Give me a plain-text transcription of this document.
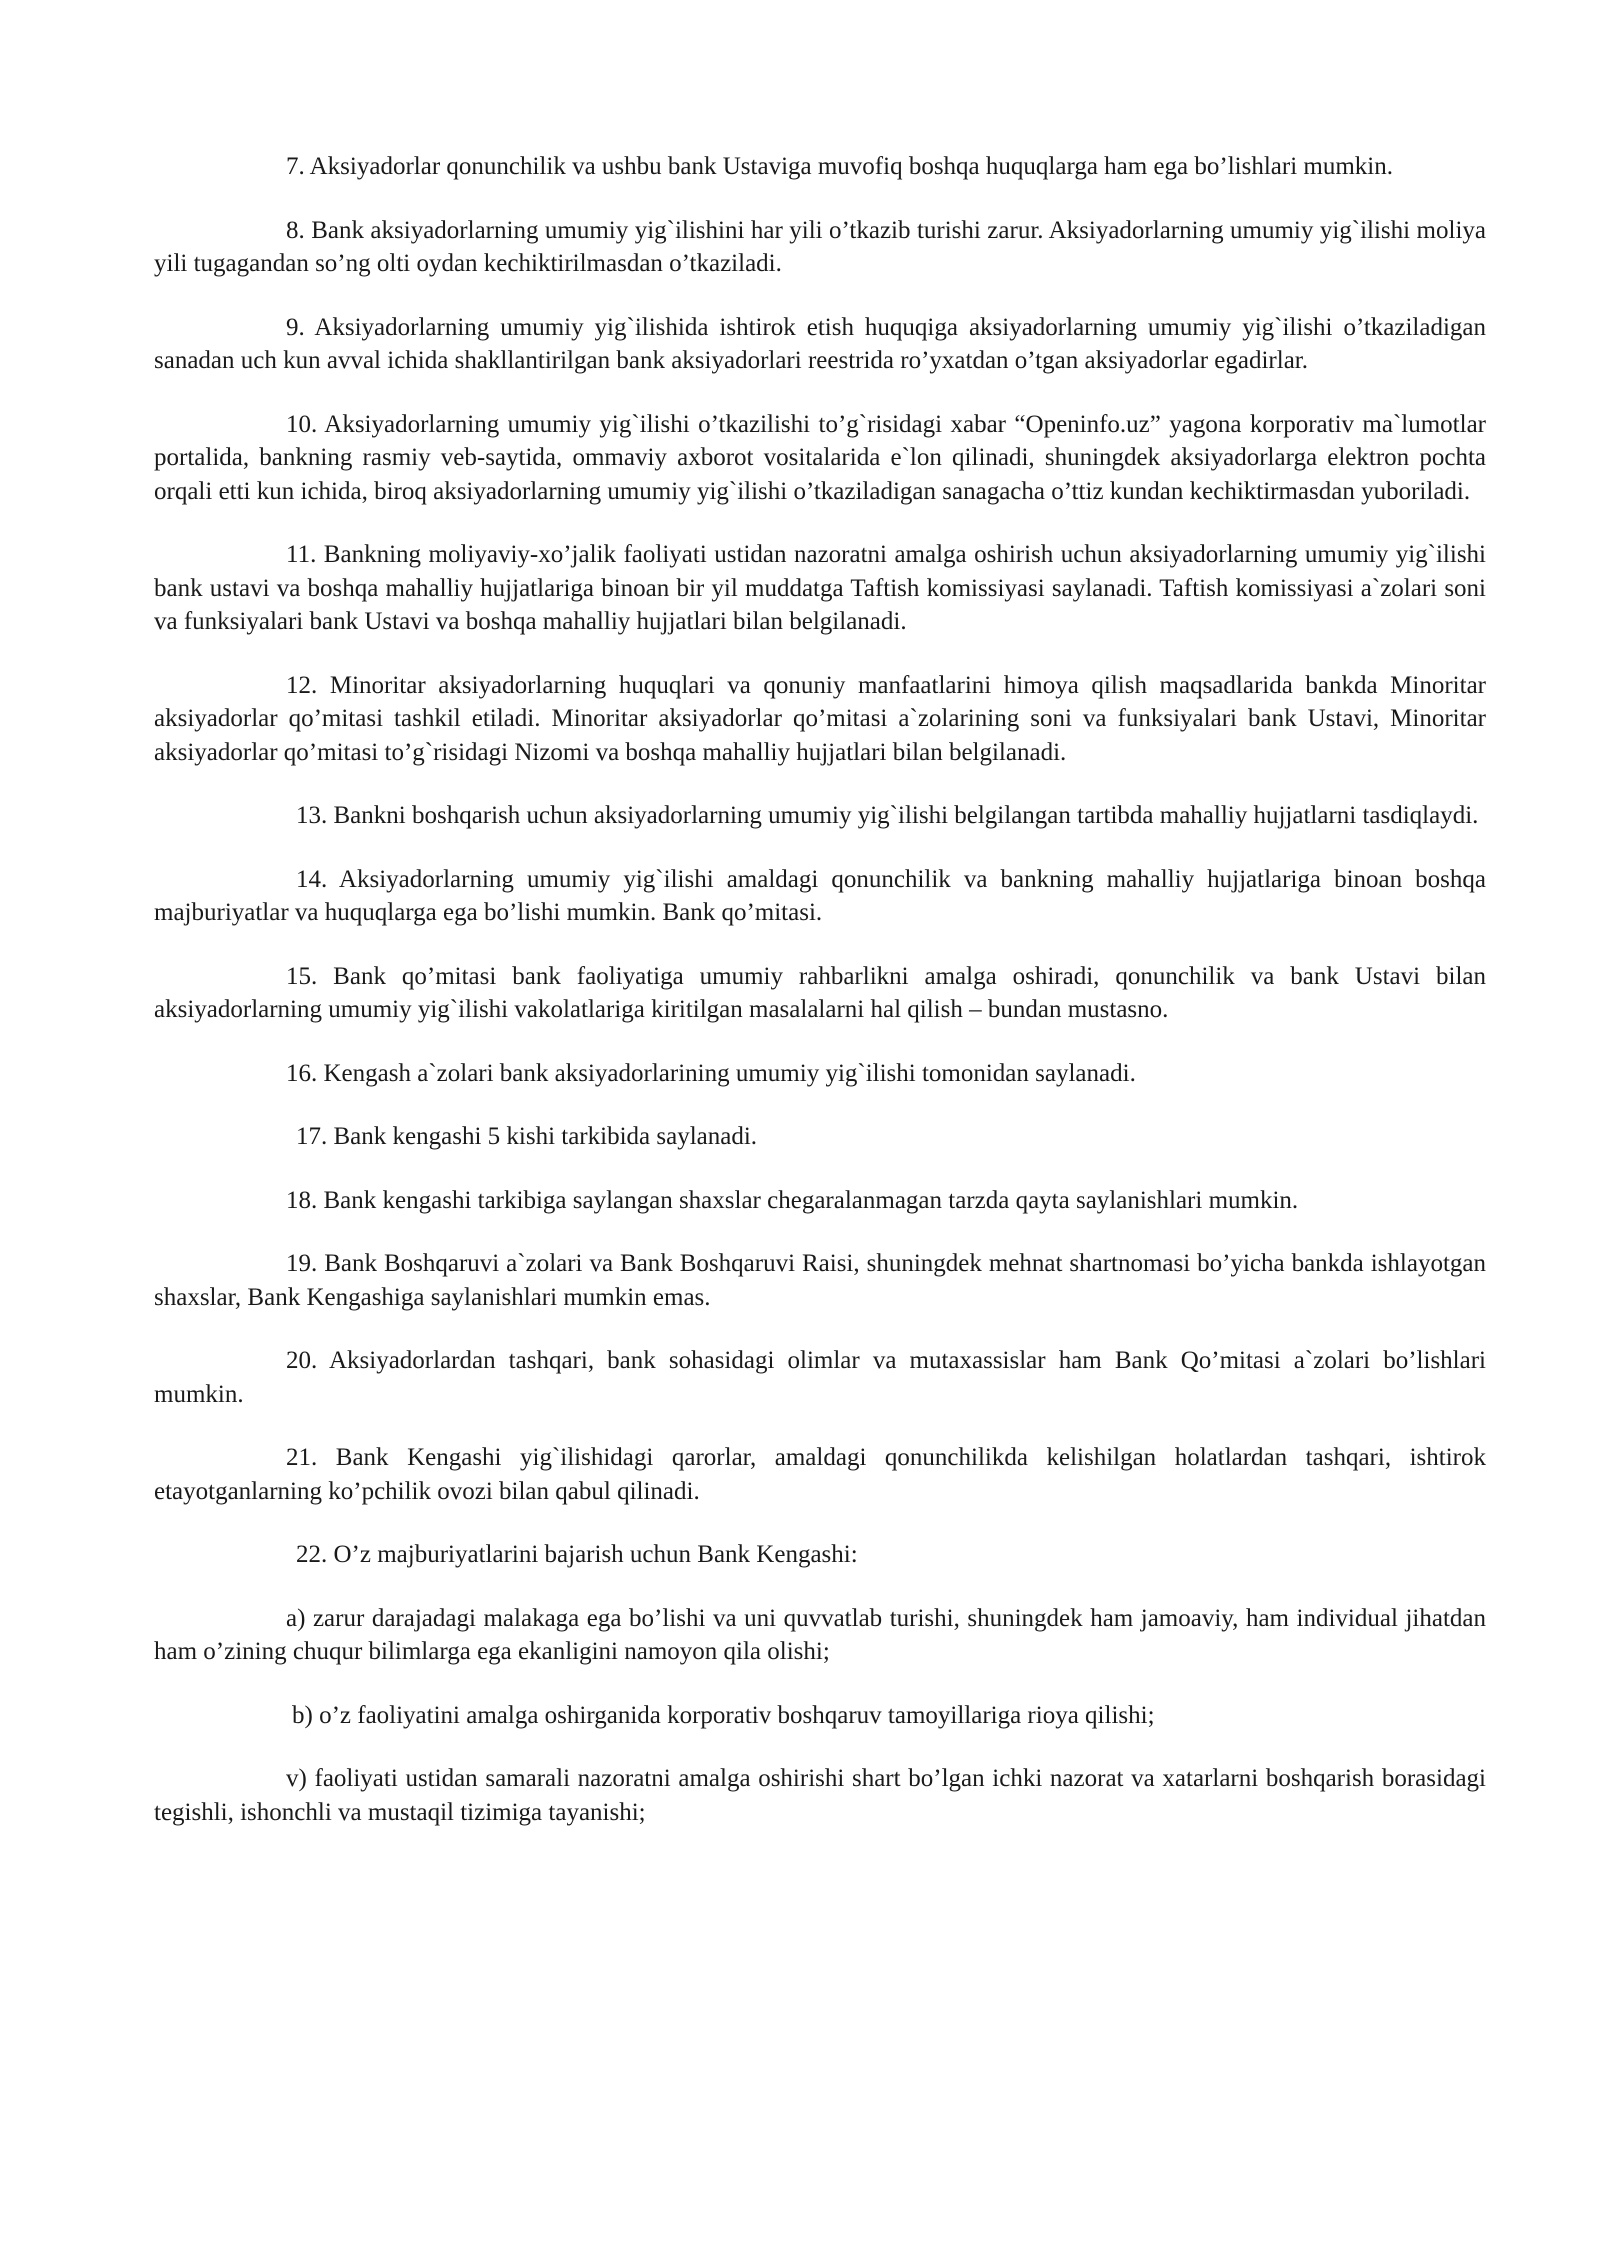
7. Aksiyadorlar qonunchilik va ushbu bank Ustaviga muvofiq boshqa huquqlarga ham ega bo’lishlari mumkin.

8. Bank aksiyadorlarning umumiy yig`ilishini har yili o’tkazib turishi zarur. Aksiyadorlarning umumiy yig`ilishi moliya yili tugagandan so’ng olti oydan kechiktirilmasdan o’tkaziladi.

9. Aksiyadorlarning umumiy yig`ilishida ishtirok etish huquqiga aksiyadorlarning umumiy yig`ilishi o’tkaziladigan sanadan uch kun avval ichida shakllantirilgan bank aksiyadorlari reestrida ro’yxatdan o’tgan aksiyadorlar egadirlar.

10. Aksiyadorlarning umumiy yig`ilishi o’tkazilishi to’g`risidagi xabar “Openinfo.uz” yagona korporativ ma`lumotlar portalida, bankning rasmiy veb-saytida, ommaviy axborot vositalarida e`lon qilinadi, shuningdek aksiyadorlarga elektron pochta orqali etti kun ichida, biroq aksiyadorlarning umumiy yig`ilishi o’tkaziladigan sanagacha o’ttiz kundan kechiktirmasdan yuboriladi.

11. Bankning moliyaviy-xo’jalik faoliyati ustidan nazoratni amalga oshirish uchun aksiyadorlarning umumiy yig`ilishi bank ustavi va boshqa mahalliy hujjatlariga binoan bir yil muddatga Taftish komissiyasi saylanadi. Taftish komissiyasi a`zolari soni va funksiyalari bank Ustavi va boshqa mahalliy hujjatlari bilan belgilanadi.

12. Minoritar aksiyadorlarning huquqlari va qonuniy manfaatlarini himoya qilish maqsadlarida bankda Minoritar aksiyadorlar qo’mitasi tashkil etiladi. Minoritar aksiyadorlar qo’mitasi a`zolarining soni va funksiyalari bank Ustavi, Minoritar aksiyadorlar qo’mitasi to’g`risidagi Nizomi va boshqa mahalliy hujjatlari bilan belgilanadi.

13. Bankni boshqarish uchun aksiyadorlarning umumiy yig`ilishi belgilangan tartibda mahalliy hujjatlarni tasdiqlaydi.

14. Aksiyadorlarning umumiy yig`ilishi amaldagi qonunchilik va bankning mahalliy hujjatlariga binoan boshqa majburiyatlar va huquqlarga ega bo’lishi mumkin. Bank qo’mitasi.

15. Bank qo’mitasi bank faoliyatiga umumiy rahbarlikni amalga oshiradi, qonunchilik va bank Ustavi bilan aksiyadorlarning umumiy yig`ilishi vakolatlariga kiritilgan masalalarni hal qilish – bundan mustasno.

16. Kengash a`zolari bank aksiyadorlarining umumiy yig`ilishi tomonidan saylanadi.

17. Bank kengashi 5 kishi tarkibida saylanadi.

18. Bank kengashi tarkibiga saylangan shaxslar chegaralanmagan tarzda qayta saylanishlari mumkin.

19. Bank Boshqaruvi a`zolari va Bank Boshqaruvi Raisi, shuningdek mehnat shartnomasi bo’yicha bankda ishlayotgan shaxslar, Bank Kengashiga saylanishlari mumkin emas.

20. Aksiyadorlardan tashqari, bank sohasidagi olimlar va mutaxassislar ham Bank Qo’mitasi a`zolari bo’lishlari mumkin.

21. Bank Kengashi yig`ilishidagi qarorlar, amaldagi qonunchilikda kelishilgan holatlardan tashqari, ishtirok etayotganlarning ko’pchilik ovozi bilan qabul qilinadi.

22. O’z majburiyatlarini bajarish uchun Bank Kengashi:

a) zarur darajadagi malakaga ega bo’lishi va uni quvvatlab turishi, shuningdek ham jamoaviy, ham individual jihatdan ham o’zining chuqur bilimlarga ega ekanligini namoyon qila olishi;

b) o’z faoliyatini amalga oshirganida korporativ boshqaruv tamoyillariga rioya qilishi;

v) faoliyati ustidan samarali nazoratni amalga oshirishi shart bo’lgan ichki nazorat va xatarlarni boshqarish borasidagi tegishli, ishonchli va mustaqil tizimiga tayanishi;
